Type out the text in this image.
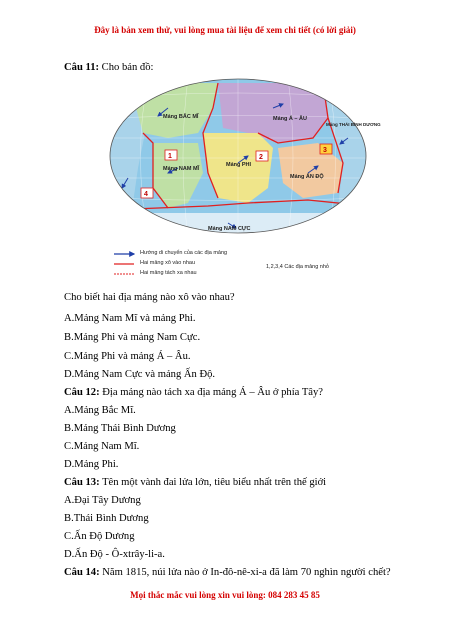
Đây là bản xem thử, vui lòng mua tài liệu để xem chi tiết (có lời giải)
Câu 11: Cho bản đồ:
1	2
3
4
Mảng BẮC MĨ	Mảng Á – ÂU
Mảng THÁI BÌNH DƯƠNG
Mảng NAM MĨ
Mảng PHI
Mảng ẤN ĐỘ
Mảng NAM CỰC
Hướng di chuyển của các địa mảng
Hai mảng xô vào nhau
Hai mảng tách xa nhau
1,2,3,4 Các địa mảng nhỏ
Cho biết hai địa mảng nào xô vào nhau?
A.Mảng Nam Mĩ và mảng Phi.
B.Mảng Phi và mảng Nam Cực.
C.Mảng Phi và mảng Á – Âu.
D.Mảng Nam Cực và mảng Ấn Độ.
Câu 12: Địa mảng nào tách xa địa mảng Á – Âu ở phía Tây?
A.Mảng Bắc Mĩ.
B.Mảng Thái Bình Dương
C.Mảng Nam Mĩ.
D.Mảng Phi.
Câu 13: Tên một vành đai lửa lớn, tiêu biểu nhất trên thế giới
A.Đại Tây Dương
B.Thái Bình Dương
C.Ấn Độ Dương
D.Ấn Độ - Ô-xtrây-li-a.
Câu 14: Năm 1815, núi lửa nào ở In-đô-nê-xi-a đã làm 70 nghìn người chết?
Mọi thắc mắc vui lòng xin vui lòng: 084 283 45 85
